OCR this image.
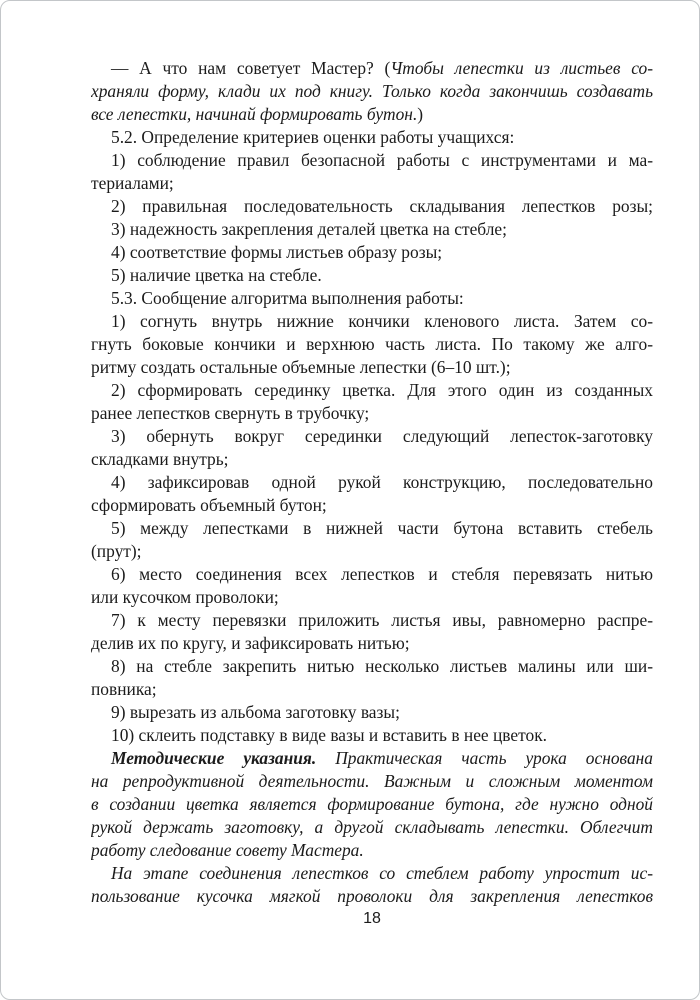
— А что нам советует Мастер? (Чтобы лепестки из листьев со-
храняли форму, клади их под книгу. Только когда закончишь создавать
все лепестки, начинай формировать бутон.)
5.2. Определение критериев оценки работы учащихся:
1) соблюдение правил безопасной работы с инструментами и ма-
териалами;
2) правильная последовательность складывания лепестков розы;
3) надежность закрепления деталей цветка на стебле;
4) соответствие формы листьев образу розы;
5) наличие цветка на стебле.
5.3. Сообщение алгоритма выполнения работы:
1) согнуть внутрь нижние кончики кленового листа. Затем со-
гнуть боковые кончики и верхнюю часть листа. По такому же алго-
ритму создать остальные объемные лепестки (6–10 шт.);
2) сформировать серединку цветка. Для этого один из созданных
ранее лепестков свернуть в трубочку;
3) обернуть вокруг серединки следующий лепесток-заготовку
складками внутрь;
4) зафиксировав одной рукой конструкцию, последовательно
сформировать объемный бутон;
5) между лепестками в нижней части бутона вставить стебель
(прут);
6) место соединения всех лепестков и стебля перевязать нитью
или кусочком проволоки;
7) к месту перевязки приложить листья ивы, равномерно распре-
делив их по кругу, и зафиксировать нитью;
8) на стебле закрепить нитью несколько листьев малины или ши-
повника;
9) вырезать из альбома заготовку вазы;
10) склеить подставку в виде вазы и вставить в нее цветок.
Методические указания. Практическая часть урока основана
на репродуктивной деятельности. Важным и сложным моментом
в создании цветка является формирование бутона, где нужно одной
рукой держать заготовку, а другой складывать лепестки. Облегчит
работу следование совету Мастера.
На этапе соединения лепестков со стеблем работу упростит ис-
пользование кусочка мягкой проволоки для закрепления лепестков
18
